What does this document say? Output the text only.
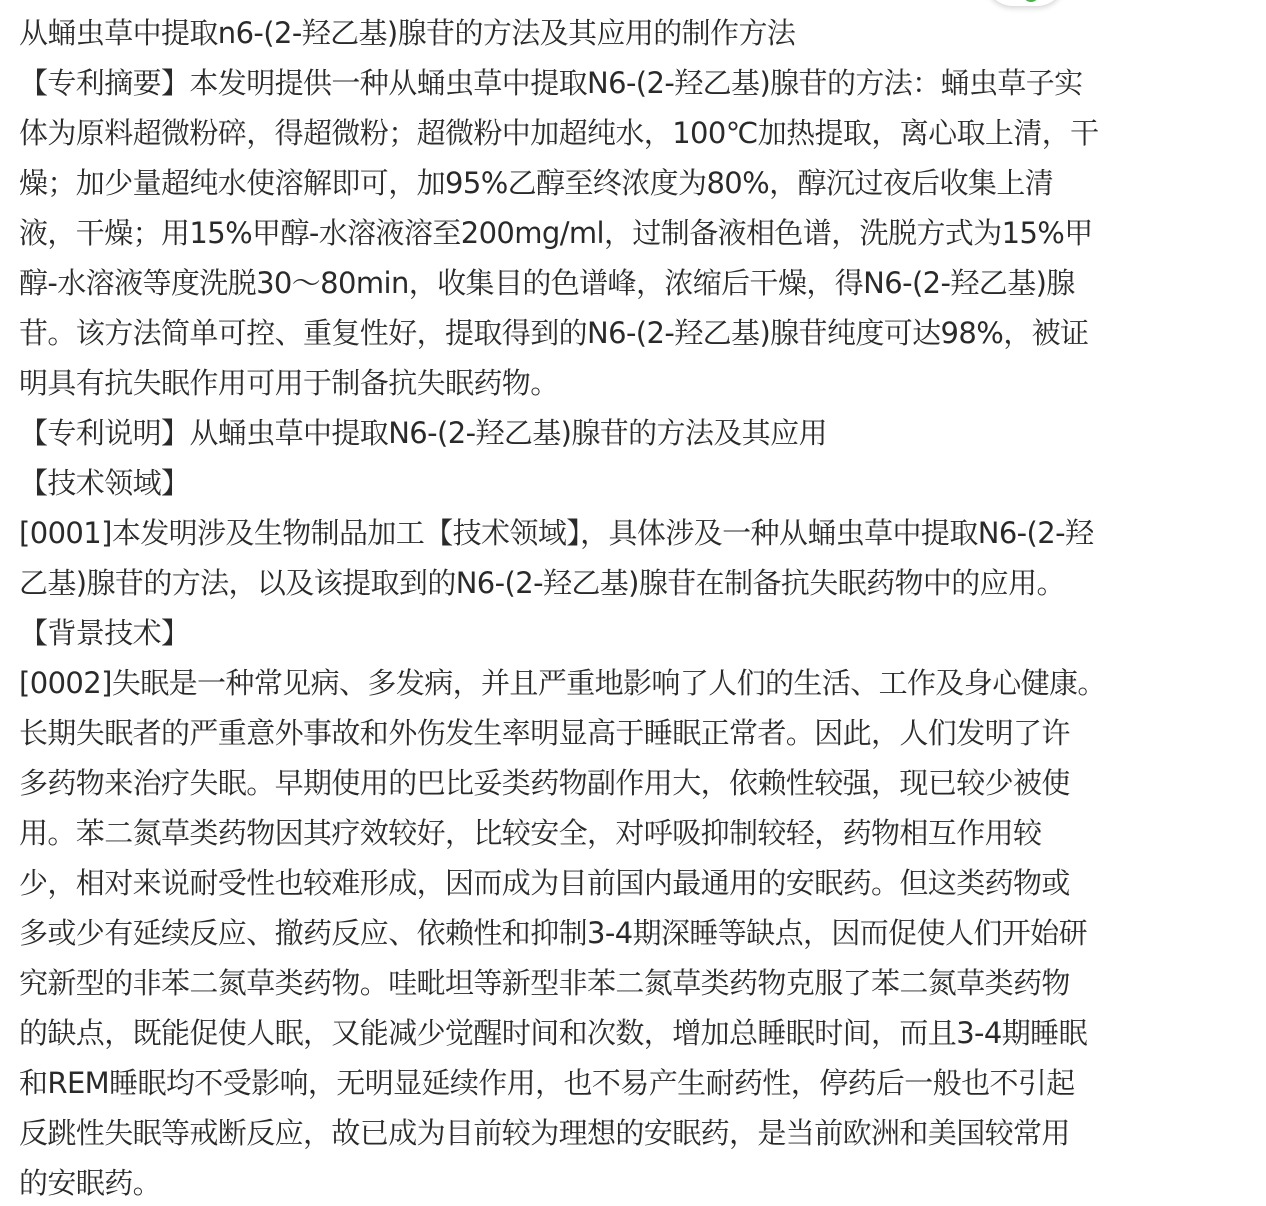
从蛹虫草中提取n6-(2-羟乙基)腺苷的方法及其应用的制作方法
【专利摘要】本发明提供一种从蛹虫草中提取N6-(2-羟乙基)腺苷的方法：蛹虫草子实
体为原料超微粉碎，得超微粉；超微粉中加超纯水，100℃加热提取，离心取上清，干
燥；加少量超纯水使溶解即可，加95%乙醇至终浓度为80%，醇沉过夜后收集上清
液，干燥；用15%甲醇-水溶液溶至200mg/ml，过制备液相色谱，洗脱方式为15%甲
醇-水溶液等度洗脱30～80min，收集目的色谱峰，浓缩后干燥，得N6-(2-羟乙基)腺
苷。该方法简单可控、重复性好，提取得到的N6-(2-羟乙基)腺苷纯度可达98%，被证
明具有抗失眠作用可用于制备抗失眠药物。
【专利说明】从蛹虫草中提取N6-(2-羟乙基)腺苷的方法及其应用
【技术领域】
[0001]本发明涉及生物制品加工【技术领域】，具体涉及一种从蛹虫草中提取N6-(2-羟
乙基)腺苷的方法，以及该提取到的N6-(2-羟乙基)腺苷在制备抗失眠药物中的应用。
【背景技术】
[0002]失眠是一种常见病、多发病，并且严重地影响了人们的生活、工作及身心健康。
长期失眠者的严重意外事故和外伤发生率明显高于睡眠正常者。因此，人们发明了许
多药物来治疗失眠。早期使用的巴比妥类药物副作用大，依赖性较强，现已较少被使
用。苯二氮草类药物因其疗效较好，比较安全，对呼吸抑制较轻，药物相互作用较
少，相对来说耐受性也较难形成，因而成为目前国内最通用的安眠药。但这类药物或
多或少有延续反应、撤药反应、依赖性和抑制3-4期深睡等缺点，因而促使人们开始研
究新型的非苯二氮草类药物。哇毗坦等新型非苯二氮草类药物克服了苯二氮草类药物
的缺点，既能促使人眠，又能减少觉醒时间和次数，增加总睡眠时间，而且3-4期睡眠
和REM睡眠均不受影响，无明显延续作用，也不易产生耐药性，停药后一般也不引起
反跳性失眠等戒断反应，故已成为目前较为理想的安眠药，是当前欧洲和美国较常用
的安眠药。
